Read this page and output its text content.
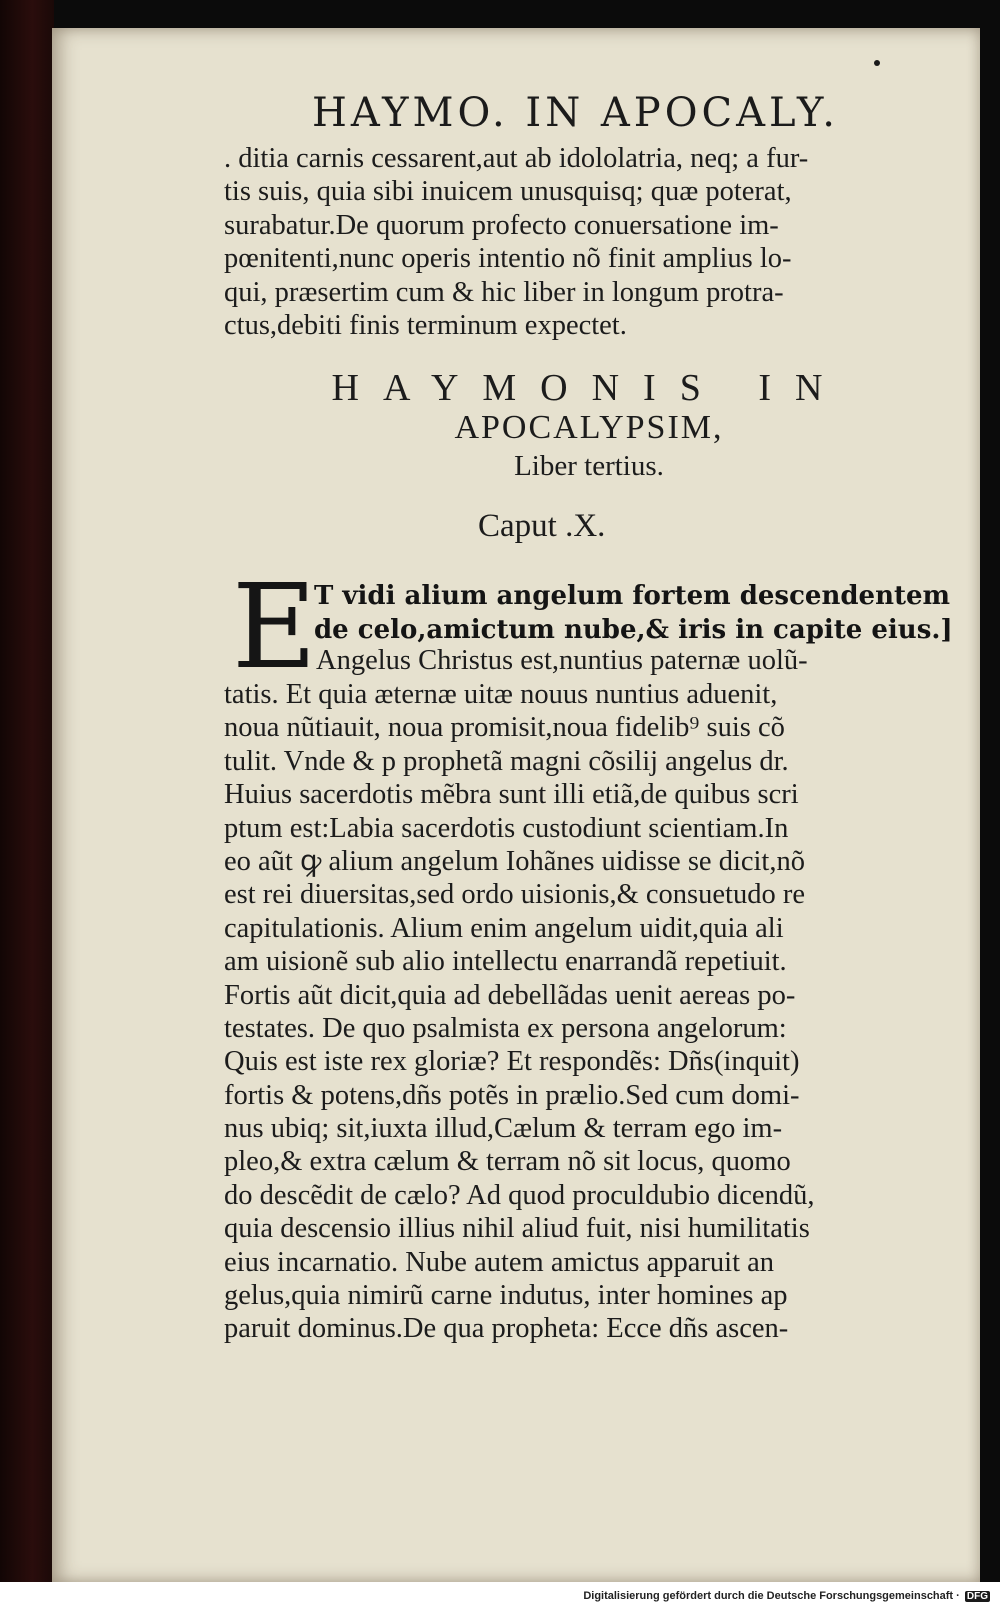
HAYMO. IN APOCALY.
. ditia carnis cessarent,aut ab idololatria, neq; a fur-
tis suis, quia sibi inuicem unusquisq; quæ poterat,
surabatur.De quorum profecto conuersatione im-
pœnitenti,nunc operis intentio nõ finit amplius lo-
qui, præsertim cum & hic liber in longum protra-
ctus,debiti finis terminum expectet.
HAYMONIS IN
APOCALYPSIM,
Liber tertius.
Caput .X.
E
T vidi alium angelum fortem descendentem
de celo,amictum nube,& iris in capite eius.]
Angelus Christus est,nuntius paternæ uolũ-
tatis. Et quia æternæ uitæ nouus nuntius aduenit,
noua nũtiauit, noua promisit,noua fidelib⁹ suis cõ
tulit. Vnde & p prophetã magni cõsilij angelus dr.
Huius sacerdotis mẽbra sunt illi etiã,de quibus scri
ptum est:Labia sacerdotis custodiunt scientiam.In
eo aũt ꝙ alium angelum Iohãnes uidisse se dicit,nõ
est rei diuersitas,sed ordo uisionis,& consuetudo re
capitulationis. Alium enim angelum uidit,quia ali
am uisionẽ sub alio intellectu enarrandã repetiuit.
Fortis aũt dicit,quia ad debellãdas uenit aereas po-
testates. De quo psalmista ex persona angelorum:
Quis est iste rex gloriæ? Et respondẽs: Dñs(inquit)
fortis & potens,dñs potẽs in prælio.Sed cum domi-
nus ubiq; sit,iuxta illud,Cælum & terram ego im-
pleo,& extra cælum & terram nõ sit locus, quomo
do descẽdit de cælo? Ad quod proculdubio dicendũ,
quia descensio illius nihil aliud fuit, nisi humilitatis
eius incarnatio. Nube autem amictus apparuit an
gelus,quia nimirũ carne indutus, inter homines ap
paruit dominus.De qua propheta: Ecce dñs ascen-
Digitalisierung gefördert durch die Deutsche Forschungsgemeinschaft · DFG
